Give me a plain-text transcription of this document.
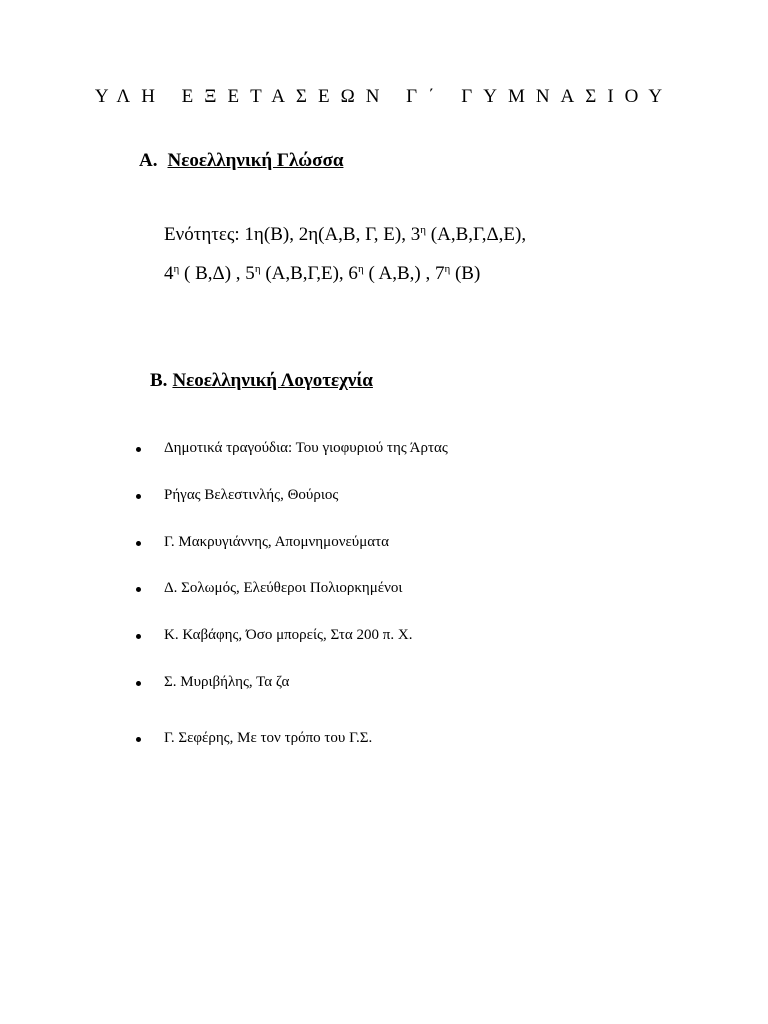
ΥΛΗ ΕΞΕΤΑΣΕΩΝ Γ΄ ΓΥΜΝΑΣΙΟΥ
Α. Νεοελληνική Γλώσσα
Ενότητες: 1η(Β), 2η(Α,Β, Γ, Ε), $3^\eta$ (Α,Β,Γ,Δ,Ε),
$4^\eta$ ( Β,Δ) , $5^\eta$ (Α,Β,Γ,Ε), $6^\eta$ ( Α,Β,) , $7^\eta$ (Β)
Β. Νεοελληνική Λογοτεχνία
Δημοτικά τραγούδια: Του γιοφυριού της Άρτας
Ρήγας Βελεστινλής, Θούριος
Γ. Μακρυγιάννης, Απομνημονεύματα
Δ. Σολωμός, Ελεύθεροι Πολιορκημένοι
Κ. Καβάφης, Όσο μπορείς, Στα 200 π. Χ.
Σ. Μυριβήλης, Τα ζα
Γ. Σεφέρης, Με τον τρόπο του Γ.Σ.
